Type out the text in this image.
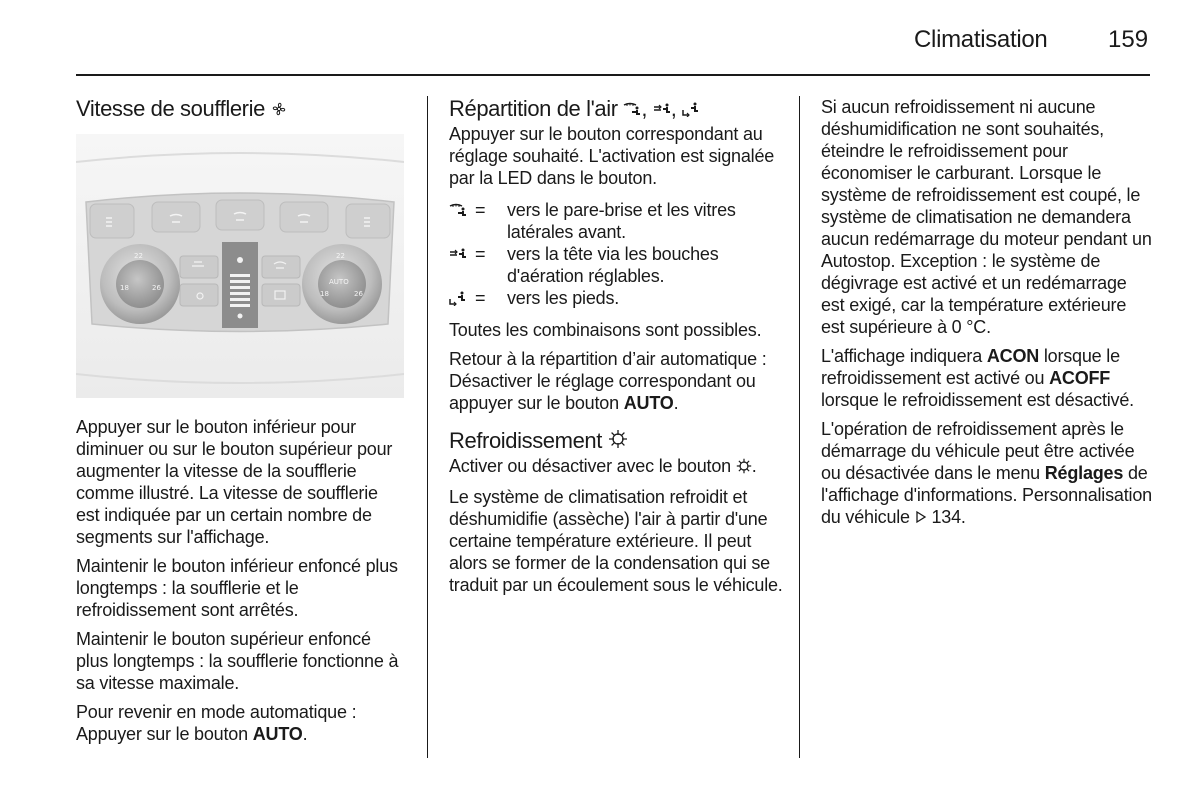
Climatisation	159
Vitesse de soufflerie
22
18	26
22
AUTO
18	26

Appuyer sur le bouton inférieur pour diminuer ou sur le bouton supérieur pour augmenter la vitesse de la soufflerie comme illustré. La vitesse de soufflerie est indiquée par un certain nombre de segments sur l'affichage.

Maintenir le bouton inférieur enfoncé plus longtemps : la soufflerie et le refroidissement sont arrêtés.

Maintenir le bouton supérieur enfoncé plus longtemps : la soufflerie fonctionne à sa vitesse maximale.

Pour revenir en mode automatique : Appuyer sur le bouton AUTO.

Répartition de l'air , ,

Appuyer sur le bouton correspondant au réglage souhaité. L'activation est signalée par la LED dans le bouton.

=	vers le pare-brise et les vitres latérales avant.
=	vers la tête via les bouches d'aération réglables.
=	vers les pieds.

Toutes les combinaisons sont possibles.

Retour à la répartition d’air automatique : Désactiver le réglage correspondant ou appuyer sur le bouton AUTO.

Refroidissement

Activer ou désactiver avec le bouton .

Le système de climatisation refroidit et déshumidifie (assèche) l'air à partir d'une certaine température extérieure. Il peut alors se former de la condensation qui se traduit par un écoulement sous le véhicule.

Si aucun refroidissement ni aucune déshumidification ne sont souhaités, éteindre le refroidissement pour économiser le carburant. Lorsque le système de refroidissement est coupé, le système de climatisation ne demandera aucun redémarrage du moteur pendant un Autostop. Exception : le système de dégivrage est activé et un redémarrage est exigé, car la température extérieure est supérieure à 0 °C.

L'affichage indiquera ACON lorsque le refroidissement est activé ou ACOFF lorsque le refroidissement est désactivé.

L'opération de refroidissement après le démarrage du véhicule peut être activée ou désactivée dans le menu Réglages de
l'affichage d'informations. Personnalisation du véhicule  134.
